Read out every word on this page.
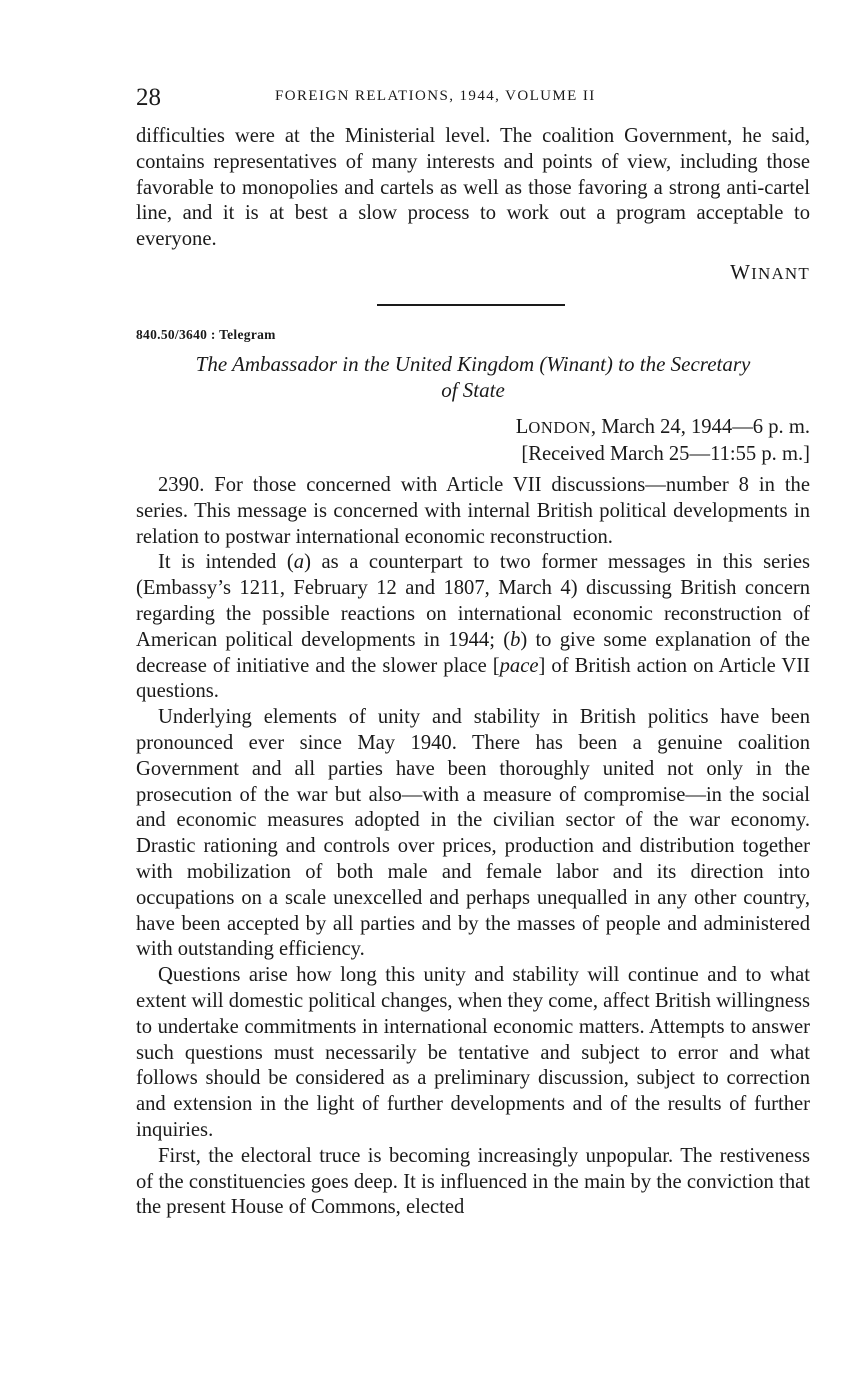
28	FOREIGN RELATIONS, 1944, VOLUME II

difficulties were at the Ministerial level. The coalition Government, he said, contains representatives of many interests and points of view, including those favorable to monopolies and cartels as well as those favoring a strong anti-cartel line, and it is at best a slow process to work out a program acceptable to everyone.

WINANT
840.50/3640 : Telegram
The Ambassador in the United Kingdom (Winant) to the Secretary
of State
LONDON, March 24, 1944—6 p. m.
[Received March 25—11:55 p. m.]

2390. For those concerned with Article VII discussions—number 8 in the series. This message is concerned with internal British political developments in relation to postwar international economic reconstruction.

It is intended (a) as a counterpart to two former messages in this series (Embassy’s 1211, February 12 and 1807, March 4) discussing British concern regarding the possible reactions on international economic reconstruction of American political developments in 1944; (b) to give some explanation of the decrease of initiative and the slower place [pace] of British action on Article VII questions.

Underlying elements of unity and stability in British politics have been pronounced ever since May 1940. There has been a genuine coalition Government and all parties have been thoroughly united not only in the prosecution of the war but also—with a measure of compromise—in the social and economic measures adopted in the civilian sector of the war economy. Drastic rationing and controls over prices, production and distribution together with mobilization of both male and female labor and its direction into occupations on a scale unexcelled and perhaps unequalled in any other country, have been accepted by all parties and by the masses of people and administered with outstanding efficiency.

Questions arise how long this unity and stability will continue and to what extent will domestic political changes, when they come, affect British willingness to undertake commitments in international economic matters. Attempts to answer such questions must necessarily be tentative and subject to error and what follows should be considered as a preliminary discussion, subject to correction and extension in the light of further developments and of the results of further inquiries.

First, the electoral truce is becoming increasingly unpopular. The restiveness of the constituencies goes deep. It is influenced in the main by the conviction that the present House of Commons, elected
